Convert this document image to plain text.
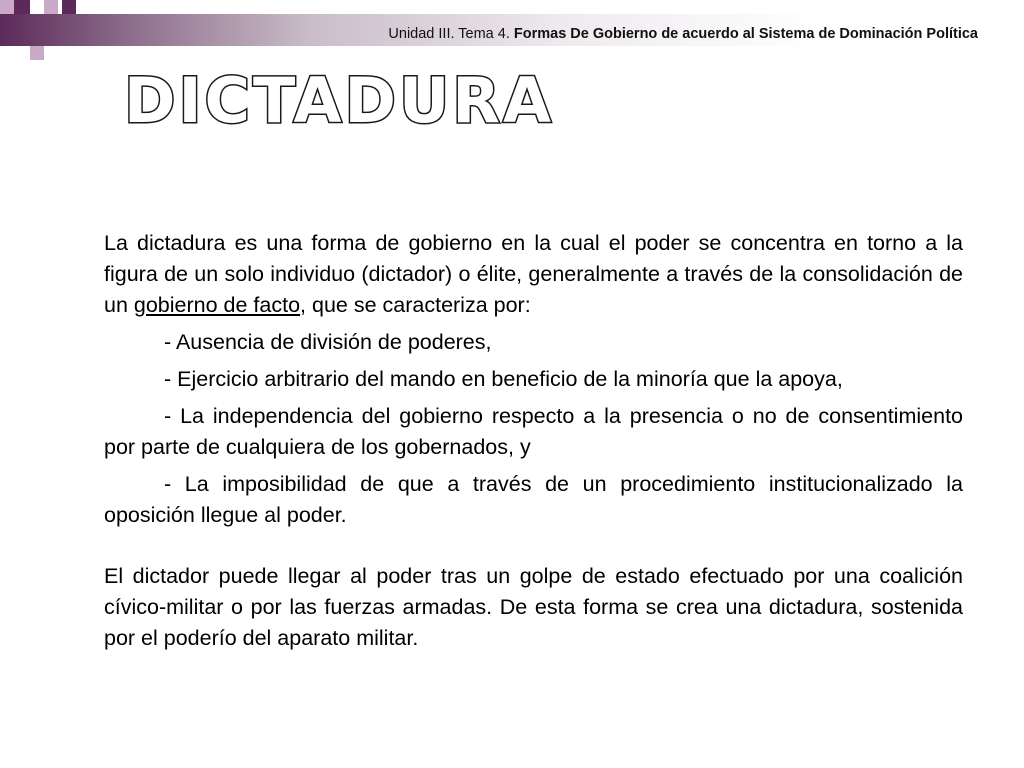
Unidad III. Tema 4. Formas De Gobierno de acuerdo al Sistema de Dominación Política
DICTADURA

La dictadura es una forma de gobierno en la cual el poder se concentra en torno a la figura de un solo individuo (dictador) o élite, generalmente a través de la consolidación de un gobierno de facto, que se caracteriza por:

- Ausencia de división de poderes,

- Ejercicio arbitrario del mando en beneficio de la minoría que la apoya,

- La independencia del gobierno respecto a la presencia o no de consentimiento por parte de cualquiera de los gobernados, y

- La imposibilidad de que a través de un procedimiento institucionalizado la oposición llegue al poder.

El dictador puede llegar al poder tras un golpe de estado efectuado por una coalición cívico-militar o por las fuerzas armadas. De esta forma se crea una dictadura, sostenida por el poderío del aparato militar.
